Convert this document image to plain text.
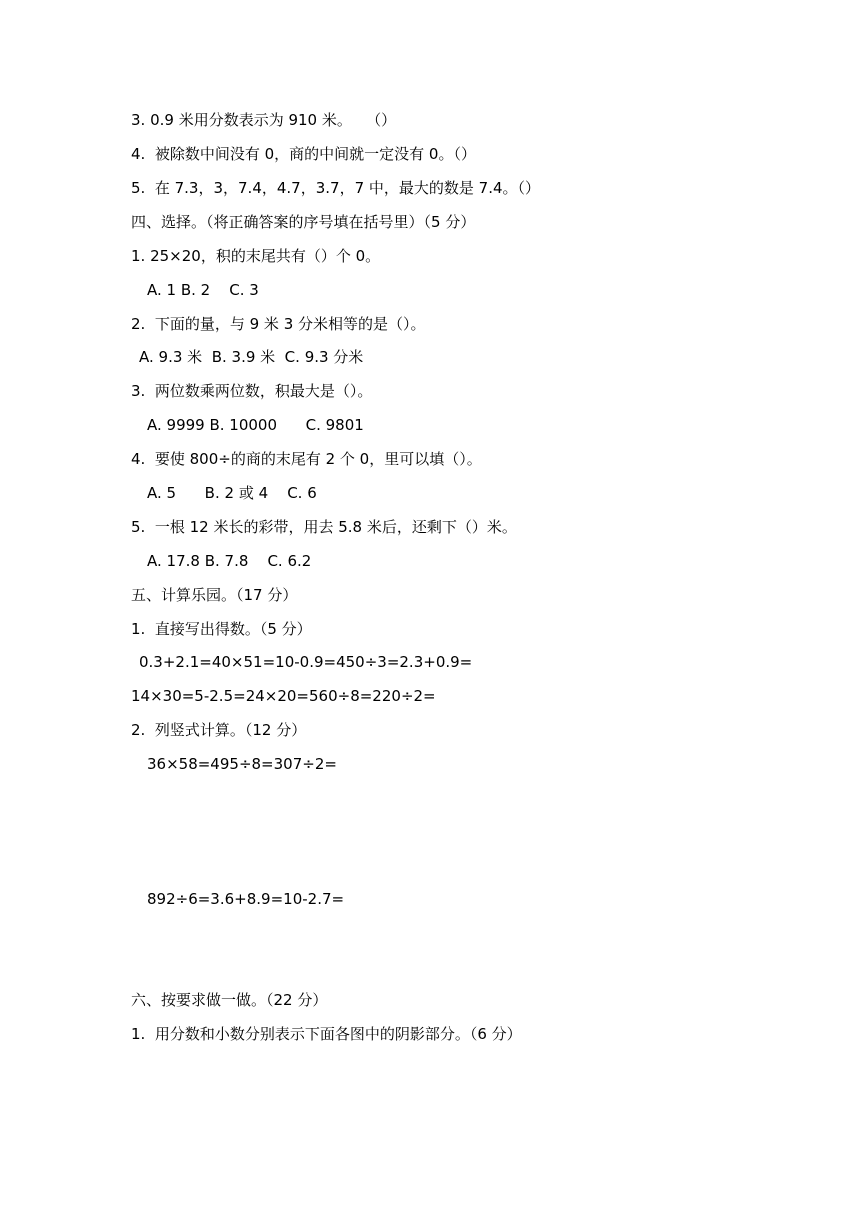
3. 0.9 米用分数表示为 910 米。   （）
4.  被除数中间没有 0，商的中间就一定没有 0。（）
5.  在 7.3，3，7.4，4.7，3.7，7 中，最大的数是 7.4。（）
四、选择。（将正确答案的序号填在括号里）（5 分）
1. 25×20，积的末尾共有（）个 0。
A. 1 B. 2    C. 3
2.  下面的量，与 9 米 3 分米相等的是（）。
A. 9.3 米  B. 3.9 米  C. 9.3 分米
3.  两位数乘两位数，积最大是（）。
A. 9999 B. 10000      C. 9801
4.  要使 800÷的商的末尾有 2 个 0，里可以填（）。
A. 5      B. 2 或 4    C. 6
5.  一根 12 米长的彩带，用去 5.8 米后，还剩下（）米。
A. 17.8 B. 7.8    C. 6.2
五、计算乐园。（17 分）
1.  直接写出得数。（5 分）
0.3+2.1=40×51=10-0.9=450÷3=2.3+0.9=
14×30=5-2.5=24×20=560÷8=220÷2=
2.  列竖式计算。（12 分）
36×58=495÷8=307÷2=
892÷6=3.6+8.9=10-2.7=
六、按要求做一做。（22 分）
1.  用分数和小数分别表示下面各图中的阴影部分。（6 分）
